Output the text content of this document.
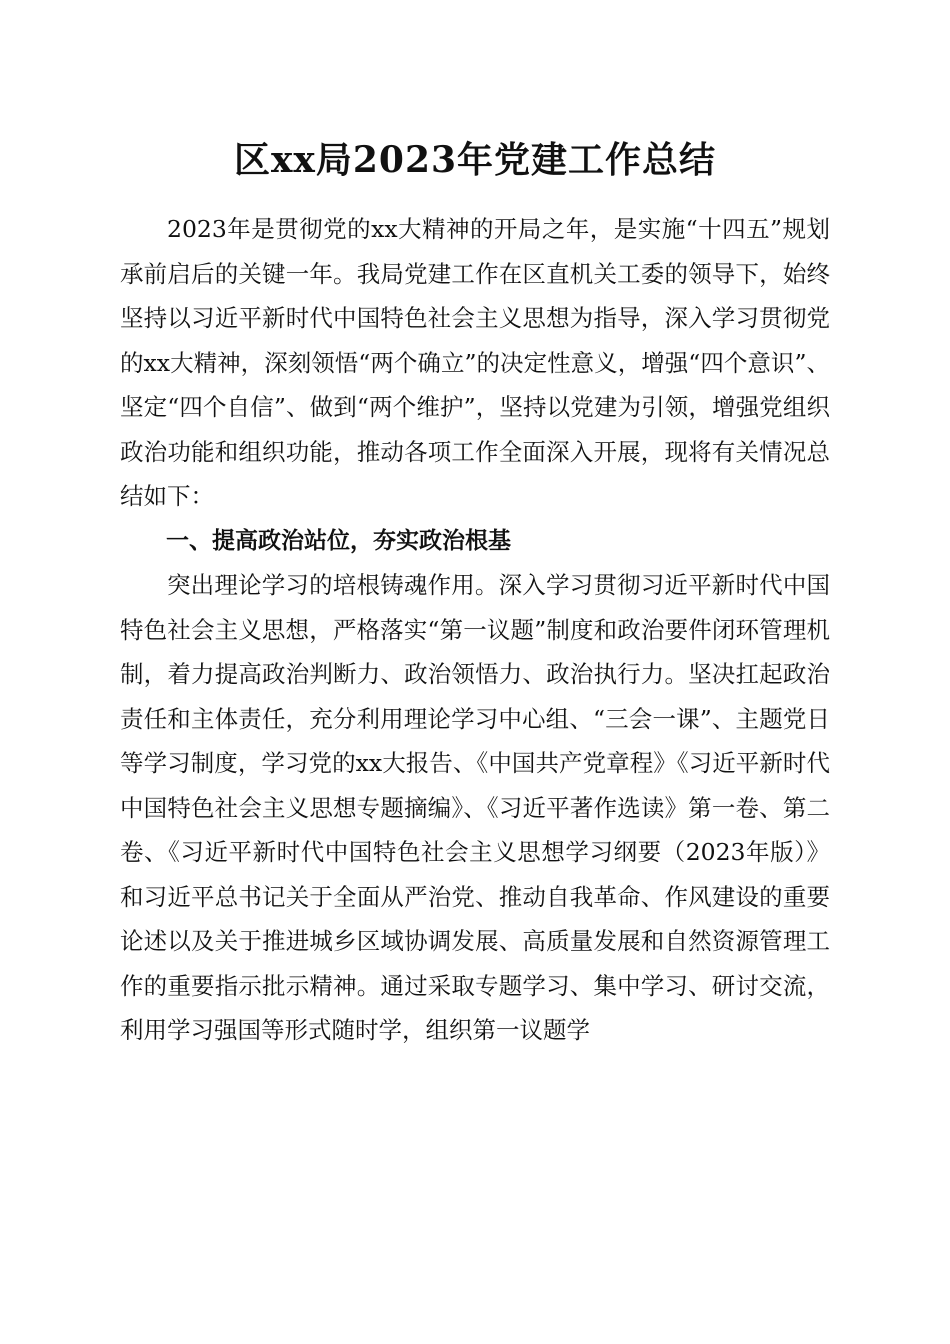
区xx局2023年党建工作总结

2023年是贯彻党的xx大精神的开局之年，是实施“十四五”规划承前启后的关键一年。我局党建工作在区直机关工委的领导下，始终坚持以习近平新时代中国特色社会主义思想为指导，深入学习贯彻党的xx大精神，深刻领悟“两个确立”的决定性意义，增强“四个意识”、坚定“四个自信”、做到“两个维护”，坚持以党建为引领，增强党组织政治功能和组织功能，推动各项工作全面深入开展，现将有关情况总结如下：

一、提高政治站位，夯实政治根基

突出理论学习的培根铸魂作用。深入学习贯彻习近平新时代中国特色社会主义思想，严格落实“第一议题”制度和政治要件闭环管理机制，着力提高政治判断力、政治领悟力、政治执行力。坚决扛起政治责任和主体责任，充分利用理论学习中心组、“三会一课”、主题党日等学习制度，学习党的xx大报告、《中国共产党章程》《习近平新时代中国特色社会主义思想专题摘编》、《习近平著作选读》第一卷、第二卷、《习近平新时代中国特色社会主义思想学习纲要（2023年版）》和习近平总书记关于全面从严治党、推动自我革命、作风建设的重要论述以及关于推进城乡区域协调发展、高质量发展和自然资源管理工作的重要指示批示精神。通过采取专题学习、集中学习、研讨交流，利用学习强国等形式随时学，组织第一议题学
